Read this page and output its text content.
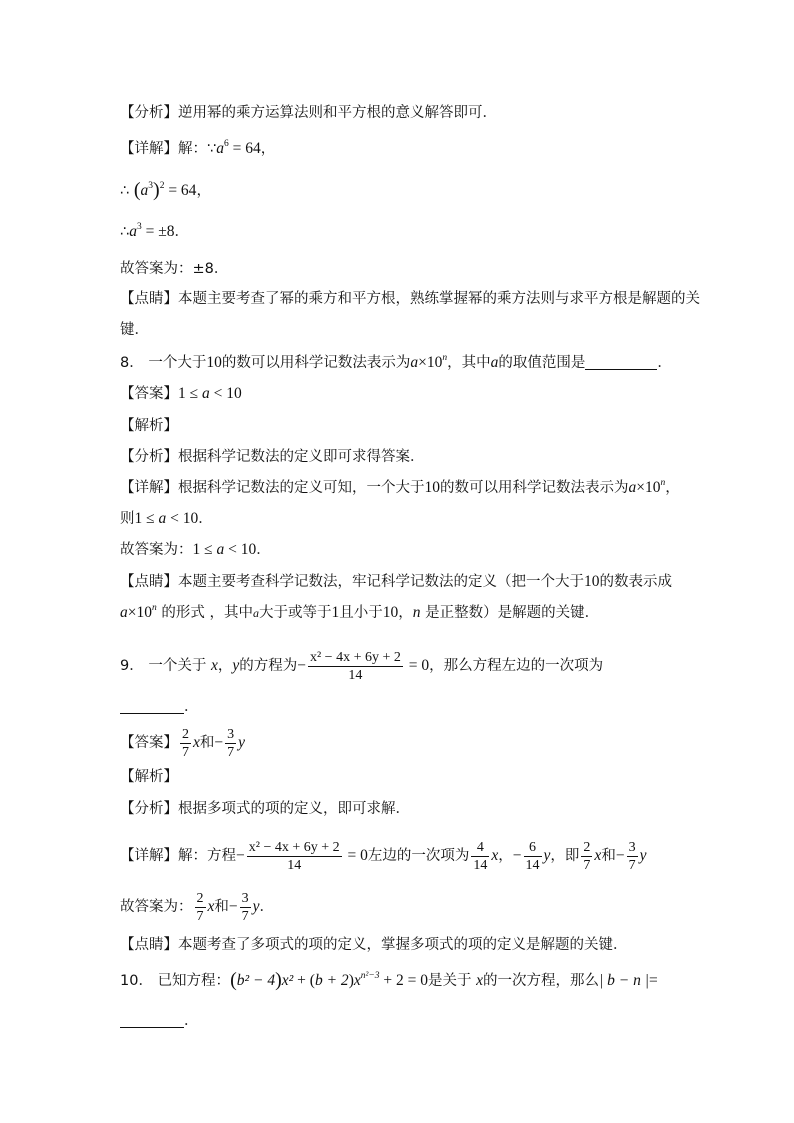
【分析】逆用幂的乘方运算法则和平方根的意义解答即可．
【详解】解：$\because a^6 = 64$，
∴ $(a^3)^2 = 64$，
$\therefore a^3 = \pm 8$．
故答案为：±8．
【点睛】本题主要考查了幂的乘方和平方根，熟练掌握幂的乘方法则与求平方根是解题的关
键．
8． 一个大于10的数可以用科学记数法表示为$a\times 10^n$，其中a的取值范围是	．
【答案】1 ≤ a < 10
【解析】
【分析】根据科学记数法的定义即可求得答案．
【详解】根据科学记数法的定义可知，一个大于10的数可以用科学记数法表示为$a\times 10^n$，
则1 ≤ a < 10．
故答案为：1 ≤ a < 10．
【点睛】本题主要考查科学记数法，牢记科学记数法的定义（把一个大于10的数表示成
$a\times 10^n$ 的形式 ，其中a大于或等于1且小于10，n 是正整数）是解题的关键．
9． 一个关于 x，y的方程为− $\frac{\text{x² − 4x + 6y + 2}}{14} = 0$，那么方程左边的一次项为
．
【答案】 $\frac{2}{7}$ x和− $\frac{3}{7}$ y
【解析】
【分析】根据多项式的项的定义，即可求解．
【详解】解：方程− $\frac{\text{x² − 4x + 6y + 2}}{14} = 0$左边的一次项为 $\frac{4}{14}$ x，− $\frac{6}{14}$ y，即 $\frac{2}{7}$ x和− $\frac{3}{7}$ y
故答案为： $\frac{2}{7}$ x和− $\frac{3}{7}$ y．
【点睛】本题考查了多项式的项的定义，掌握多项式的项的定义是解题的关键．
10． 已知方程：$(b^2 - 4)x^2 + (b + 2)x^{n^2-3} + 2 = 0$是关于 x的一次方程，那么| b − n |=
．
